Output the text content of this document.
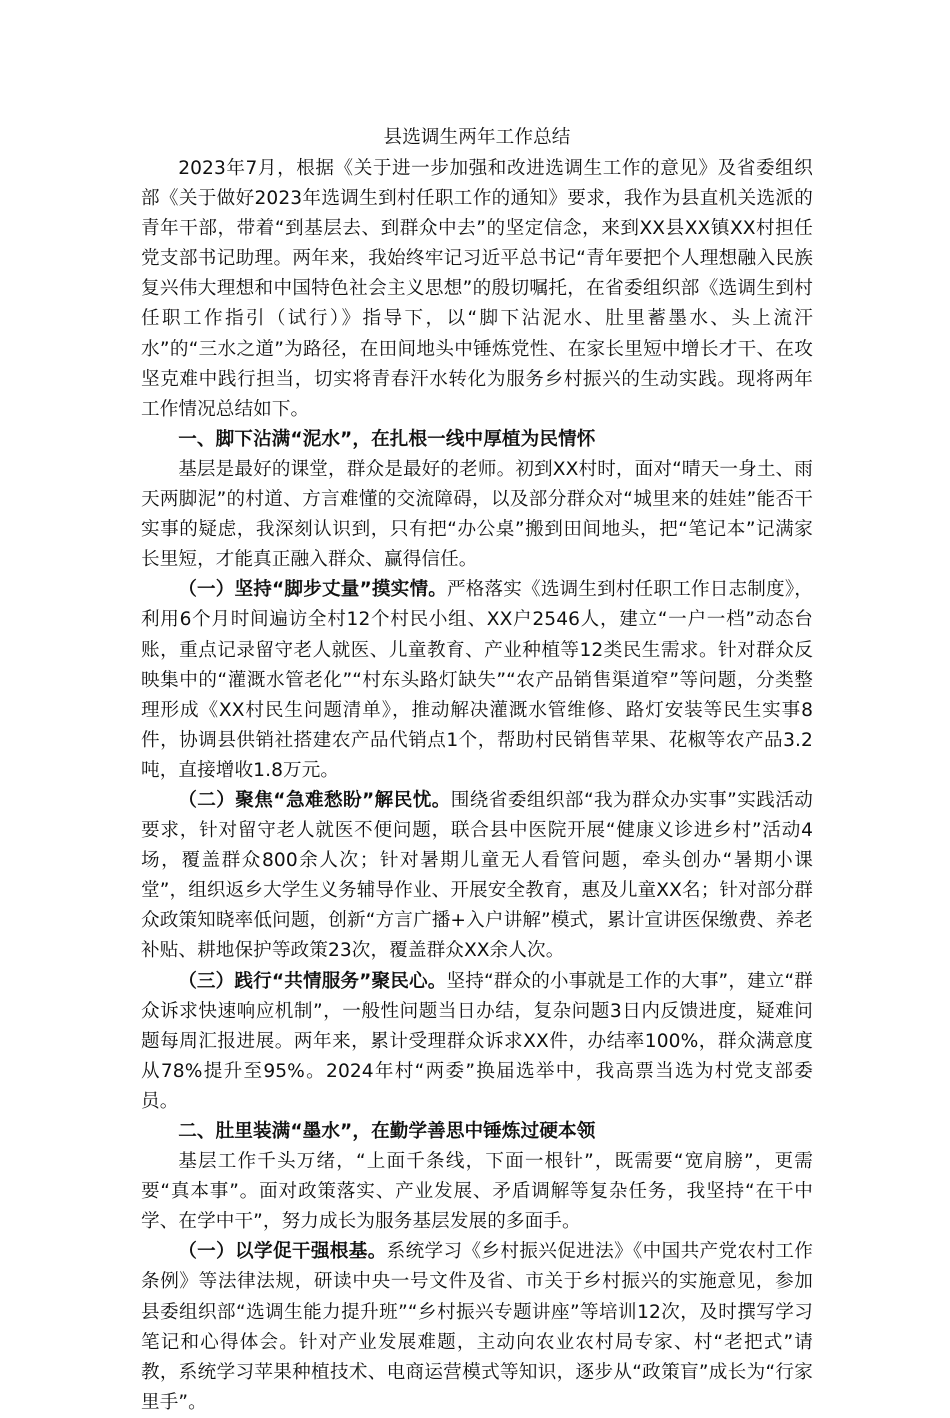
县选调生两年工作总结

2023年7月，根据《关于进一步加强和改进选调生工作的意见》及省委组织部《关于做好2023年选调生到村任职工作的通知》要求，我作为县直机关选派的青年干部，带着“到基层去、到群众中去”的坚定信念，来到XX县XX镇XX村担任党支部书记助理。两年来，我始终牢记习近平总书记“青年要把个人理想融入民族复兴伟大理想和中国特色社会主义思想”的殷切嘱托，在省委组织部《选调生到村任职工作指引（试行）》指导下，以“脚下沾泥水、肚里蓄墨水、头上流汗水”的“三水之道”为路径，在田间地头中锤炼党性、在家长里短中增长才干、在攻坚克难中践行担当，切实将青春汗水转化为服务乡村振兴的生动实践。现将两年工作情况总结如下。

一、脚下沾满“泥水”，在扎根一线中厚植为民情怀

基层是最好的课堂，群众是最好的老师。初到XX村时，面对“晴天一身土、雨天两脚泥”的村道、方言难懂的交流障碍，以及部分群众对“城里来的娃娃”能否干实事的疑虑，我深刻认识到，只有把“办公桌”搬到田间地头，把“笔记本”记满家长里短，才能真正融入群众、赢得信任。

（一）坚持“脚步丈量”摸实情。严格落实《选调生到村任职工作日志制度》，利用6个月时间遍访全村12个村民小组、XX户2546人，建立“一户一档”动态台账，重点记录留守老人就医、儿童教育、产业种植等12类民生需求。针对群众反映集中的“灌溉水管老化”“村东头路灯缺失”“农产品销售渠道窄”等问题，分类整理形成《XX村民生问题清单》，推动解决灌溉水管维修、路灯安装等民生实事8件，协调县供销社搭建农产品代销点1个，帮助村民销售苹果、花椒等农产品3.2吨，直接增收1.8万元。

（二）聚焦“急难愁盼”解民忧。围绕省委组织部“我为群众办实事”实践活动要求，针对留守老人就医不便问题，联合县中医院开展“健康义诊进乡村”活动4场，覆盖群众800余人次；针对暑期儿童无人看管问题，牵头创办“暑期小课堂”，组织返乡大学生义务辅导作业、开展安全教育，惠及儿童XX名；针对部分群众政策知晓率低问题，创新“方言广播+入户讲解”模式，累计宣讲医保缴费、养老补贴、耕地保护等政策23次，覆盖群众XX余人次。

（三）践行“共情服务”聚民心。坚持“群众的小事就是工作的大事”，建立“群众诉求快速响应机制”，一般性问题当日办结，复杂问题3日内反馈进度，疑难问题每周汇报进展。两年来，累计受理群众诉求XX件，办结率100%，群众满意度从78%提升至95%。2024年村“两委”换届选举中，我高票当选为村党支部委员。

二、肚里装满“墨水”，在勤学善思中锤炼过硬本领

基层工作千头万绪，“上面千条线，下面一根针”，既需要“宽肩膀”，更需要“真本事”。面对政策落实、产业发展、矛盾调解等复杂任务，我坚持“在干中学、在学中干”，努力成长为服务基层发展的多面手。

（一）以学促干强根基。系统学习《乡村振兴促进法》《中国共产党农村工作条例》等法律法规，研读中央一号文件及省、市关于乡村振兴的实施意见，参加县委组织部“选调生能力提升班”“乡村振兴专题讲座”等培训12次，及时撰写学习笔记和心得体会。针对产业发展难题，主动向农业农村局专家、村“老把式”请教，系统学习苹果种植技术、电商运营模式等知识，逐步从“政策盲”成长为“行家里手”。
